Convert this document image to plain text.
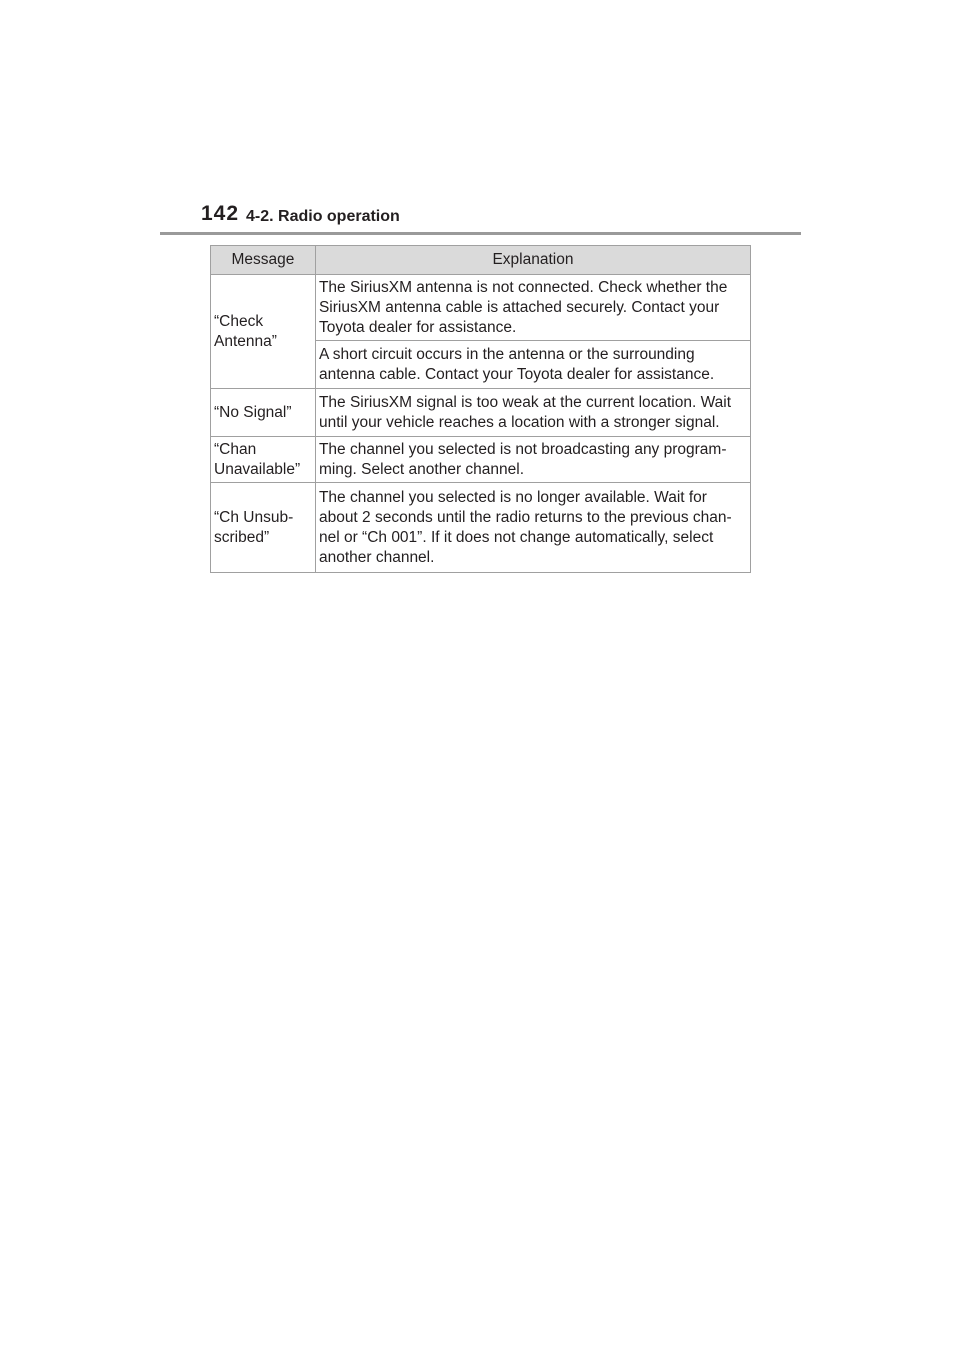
142 4-2. Radio operation
Message	Explanation

“Check
Antenna”	The SiriusXM antenna is not connected. Check whether the
SiriusXM antenna cable is attached securely. Contact your
Toyota dealer for assistance.

	A short circuit occurs in the antenna or the surrounding
antenna cable. Contact your Toyota dealer for assistance.

“No Signal”	The SiriusXM signal is too weak at the current location. Wait
until your vehicle reaches a location with a stronger signal.

“Chan
Unavailable”	The channel you selected is not broadcasting any program-
ming. Select another channel.

“Ch Unsub-
scribed”	The channel you selected is no longer available. Wait for
about 2 seconds until the radio returns to the previous chan-
nel or “Ch 001”. If it does not change automatically, select
another channel.
